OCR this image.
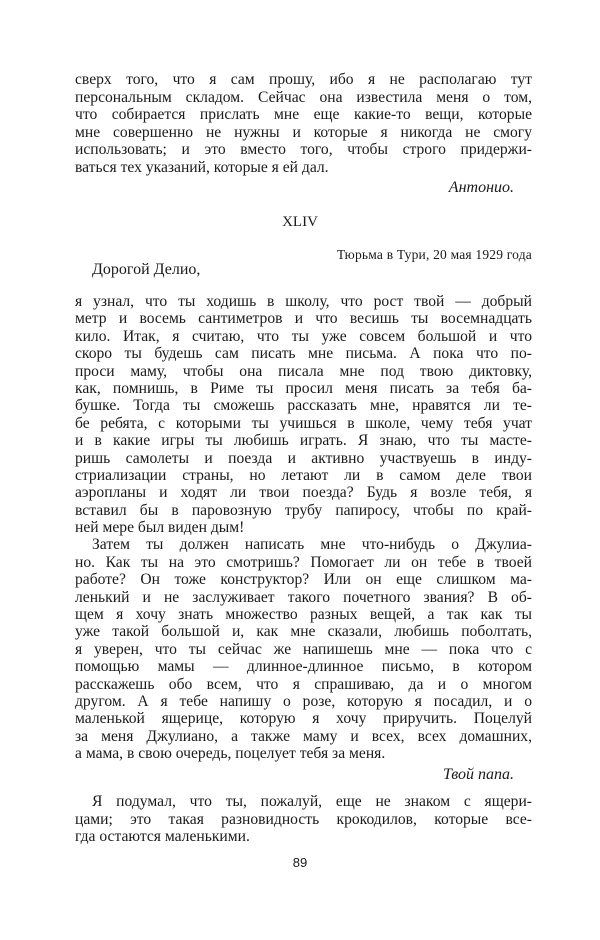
сверх того, что я сам прошу, ибо я не располагаю тут
персональным складом. Сейчас она известила меня о том,
что собирается прислать мне еще какие-то вещи, которые
мне совершенно не нужны и которые я никогда не смогу
использовать; и это вместо того, чтобы строго придержи-
ваться тех указаний, которые я ей дал.
Антонио.
XLIV
Тюрьма в Тури, 20 мая 1929 года
Дорогой Делио,
я узнал, что ты ходишь в школу, что рост твой — добрый
метр и восемь сантиметров и что весишь ты восемнадцать
кило. Итак, я считаю, что ты уже совсем большой и что
скоро ты будешь сам писать мне письма. А пока что по-
проси маму, чтобы она писала мне под твою диктовку,
как, помнишь, в Риме ты просил меня писать за тебя ба-
бушке. Тогда ты сможешь рассказать мне, нравятся ли те-
бе ребята, с которыми ты учишься в школе, чему тебя учат
и в какие игры ты любишь играть. Я знаю, что ты масте-
ришь самолеты и поезда и активно участвуешь в инду-
стриализации страны, но летают ли в самом деле твои
аэропланы и ходят ли твои поезда? Будь я возле тебя, я
вставил бы в паровозную трубу папиросу, чтобы по край-
ней мере был виден дым!
Затем ты должен написать мне что-нибудь о Джулиа-
но. Как ты на это смотришь? Помогает ли он тебе в твоей
работе? Он тоже конструктор? Или он еще слишком ма-
ленький и не заслуживает такого почетного звания? В об-
щем я хочу знать множество разных вещей, а так как ты
уже такой большой и, как мне сказали, любишь поболтать,
я уверен, что ты сейчас же напишешь мне — пока что с
помощью мамы — длинное-длинное письмо, в котором
расскажешь обо всем, что я спрашиваю, да и о многом
другом. А я тебе напишу о розе, которую я посадил, и о
маленькой ящерице, которую я хочу приручить. Поцелуй
за меня Джулиано, а также маму и всех, всех домашних,
а мама, в свою очередь, поцелует тебя за меня.
Твой папа.
Я подумал, что ты, пожалуй, еще не знаком с ящери-
цами; это такая разновидность крокодилов, которые все-
гда остаются маленькими.
89
